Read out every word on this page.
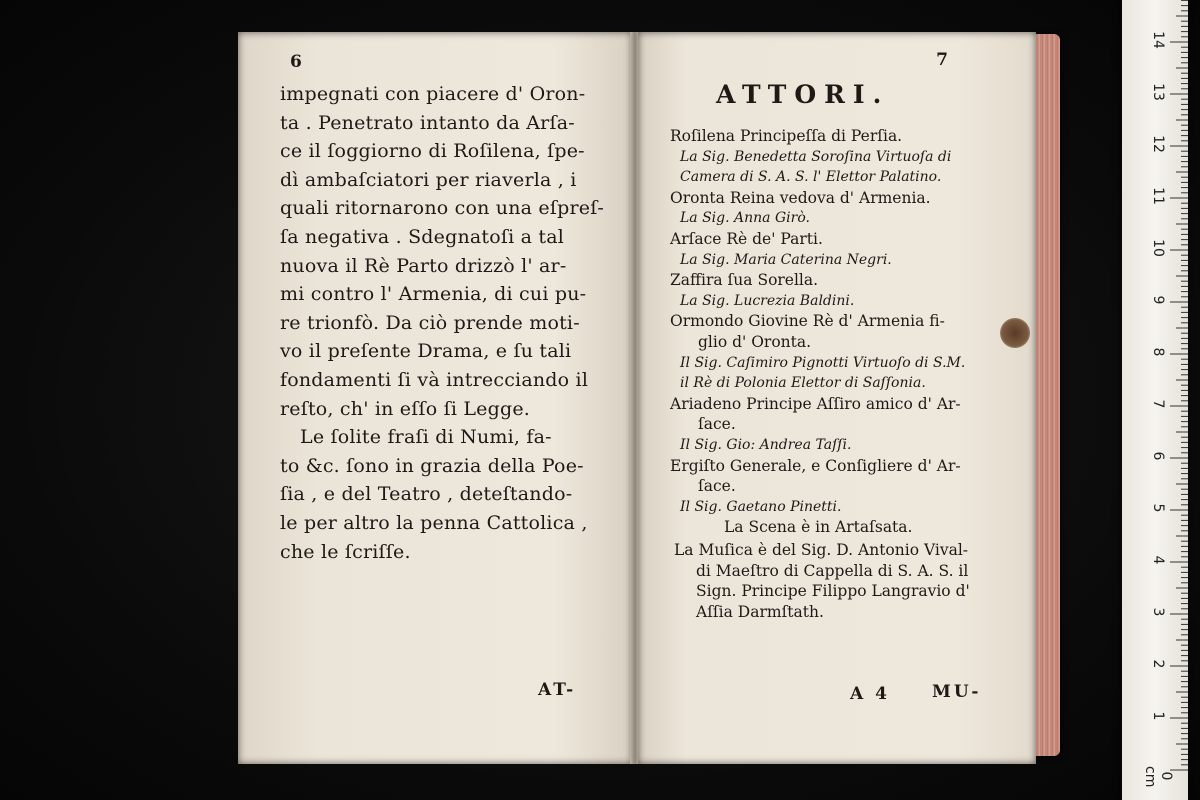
6
impegnati con piacere d' Oron-
ta . Penetrato intanto da Arſa-
ce il ſoggiorno di Roſilena, ſpe-
dì ambaſciatori per riaverla , i
quali ritornarono con una eſpreſ-
ſa negativa . Sdegnatoſi a tal
nuova il Rè Parto drizzò l' ar-
mi contro l' Armenia, di cui pu-
re trionfò. Da ciò prende moti-
vo il preſente Drama, e ſu tali
fondamenti ſi và intrecciando il
reſto, ch' in eſſo ſi Legge.
Le ſolite fraſi di Numi, fa-
to &c. ſono in grazia della Poe-
ſia , e del Teatro , deteſtando-
le per altro la penna Cattolica ,
che le ſcriſſe.
AT-
7
ATTORI.
Roſilena Principeſſa di Perſia.
La Sig. Benedetta Soroſina Virtuoſa di
Camera di S. A. S. l' Elettor Palatino.
Oronta Reina vedova d' Armenia.
La Sig. Anna Girò.
Arſace Rè de' Parti.
La Sig. Maria Caterina Negri.
Zaffira ſua Sorella.
La Sig. Lucrezia Baldini.
Ormondo Giovine Rè d' Armenia fi-
glio d' Oronta.
Il Sig. Caſimiro Pignotti Virtuoſo di S.M.
il Rè di Polonia Elettor di Saſſonia.
Ariadeno Principe Aſſiro amico d' Ar-
ſace.
Il Sig. Gio: Andrea Taſſi.
Ergiſto Generale, e Conſigliere d' Ar-
ſace.
Il Sig. Gaetano Pinetti.
La Scena è in Artaſsata.
La Muſica è del Sig. D. Antonio Vival-
di Maeſtro di Cappella di S. A. S. il
Sign. Principe Filippo Langravio d'
Aſſia Darmſtath.
A 4 MU-
14
13
12
11
10
9
8
7
6
5
4
3
2
1
0 cm
